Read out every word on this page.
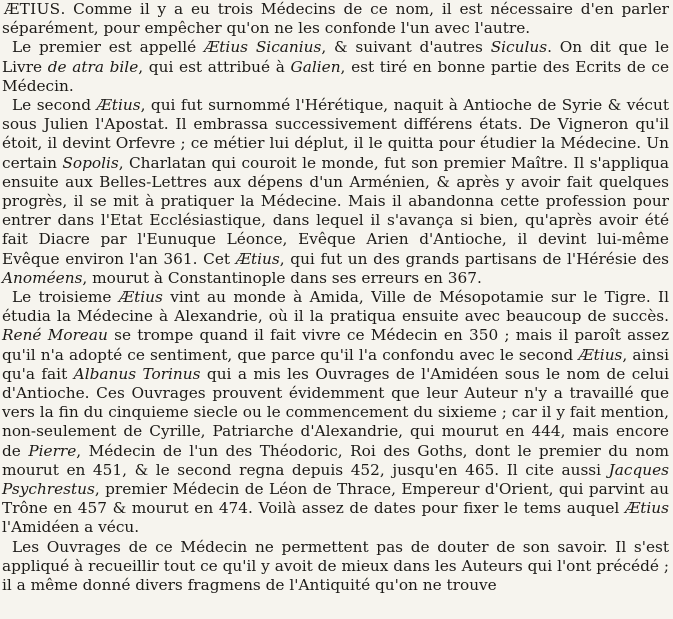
ÆTIUS. Comme il y a eu trois Médecins de ce nom, il est nécessaire d'en parler séparément, pour empêcher qu'on ne les confonde l'un avec l'autre.

Le premier est appellé Ætius Sicanius, & suivant d'autres Siculus. On dit que le Livre de atra bile, qui est attribué à Galien, est tiré en bonne partie des Ecrits de ce Médecin.

Le second Ætius, qui fut surnommé l'Hérétique, naquit à Antioche de Syrie & vécut sous Julien l'Apostat. Il embrassa successivement différens états. De Vigneron qu'il étoit, il devint Orfevre ; ce métier lui déplut, il le quitta pour étudier la Médecine. Un certain Sopolis, Charlatan qui couroit le monde, fut son premier Maître. Il s'appliqua ensuite aux Belles-Lettres aux dépens d'un Arménien, & après y avoir fait quelques progrès, il se mit à pratiquer la Médecine. Mais il abandonna cette profession pour entrer dans l'Etat Ecclésiastique, dans lequel il s'avança si bien, qu'après avoir été fait Diacre par l'Eunuque Léonce, Evêque Arien d'Antioche, il devint lui-même Evêque environ l'an 361. Cet Ætius, qui fut un des grands partisans de l'Hérésie des Anoméens, mourut à Constantinople dans ses erreurs en 367.

Le troisieme Ætius vint au monde à Amida, Ville de Mésopotamie sur le Tigre. Il étudia la Médecine à Alexandrie, où il la pratiqua ensuite avec beaucoup de succès. René Moreau se trompe quand il fait vivre ce Médecin en 350 ; mais il paroît assez qu'il n'a adopté ce sentiment, que parce qu'il l'a confondu avec le second Ætius, ainsi qu'a fait Albanus Torinus qui a mis les Ouvrages de l'Amidéen sous le nom de celui d'Antioche. Ces Ouvrages prouvent évidemment que leur Auteur n'y a travaillé que vers la fin du cinquieme siecle ou le commencement du sixieme ; car il y fait mention, non-seulement de Cyrille, Patriarche d'Alexandrie, qui mourut en 444, mais encore de Pierre, Médecin de l'un des Théodoric, Roi des Goths, dont le premier du nom mourut en 451, & le second regna depuis 452, jusqu'en 465. Il cite aussi Jacques Psychrestus, premier Médecin de Léon de Thrace, Empereur d'Orient, qui parvint au Trône en 457 & mourut en 474. Voilà assez de dates pour fixer le tems auquel Ætius l'Amidéen a vécu.

Les Ouvrages de ce Médecin ne permettent pas de douter de son savoir. Il s'est appliqué à recueillir tout ce qu'il y avoit de mieux dans les Auteurs qui l'ont précédé ; il a même donné divers fragmens de l'Antiquité qu'on ne trouve
